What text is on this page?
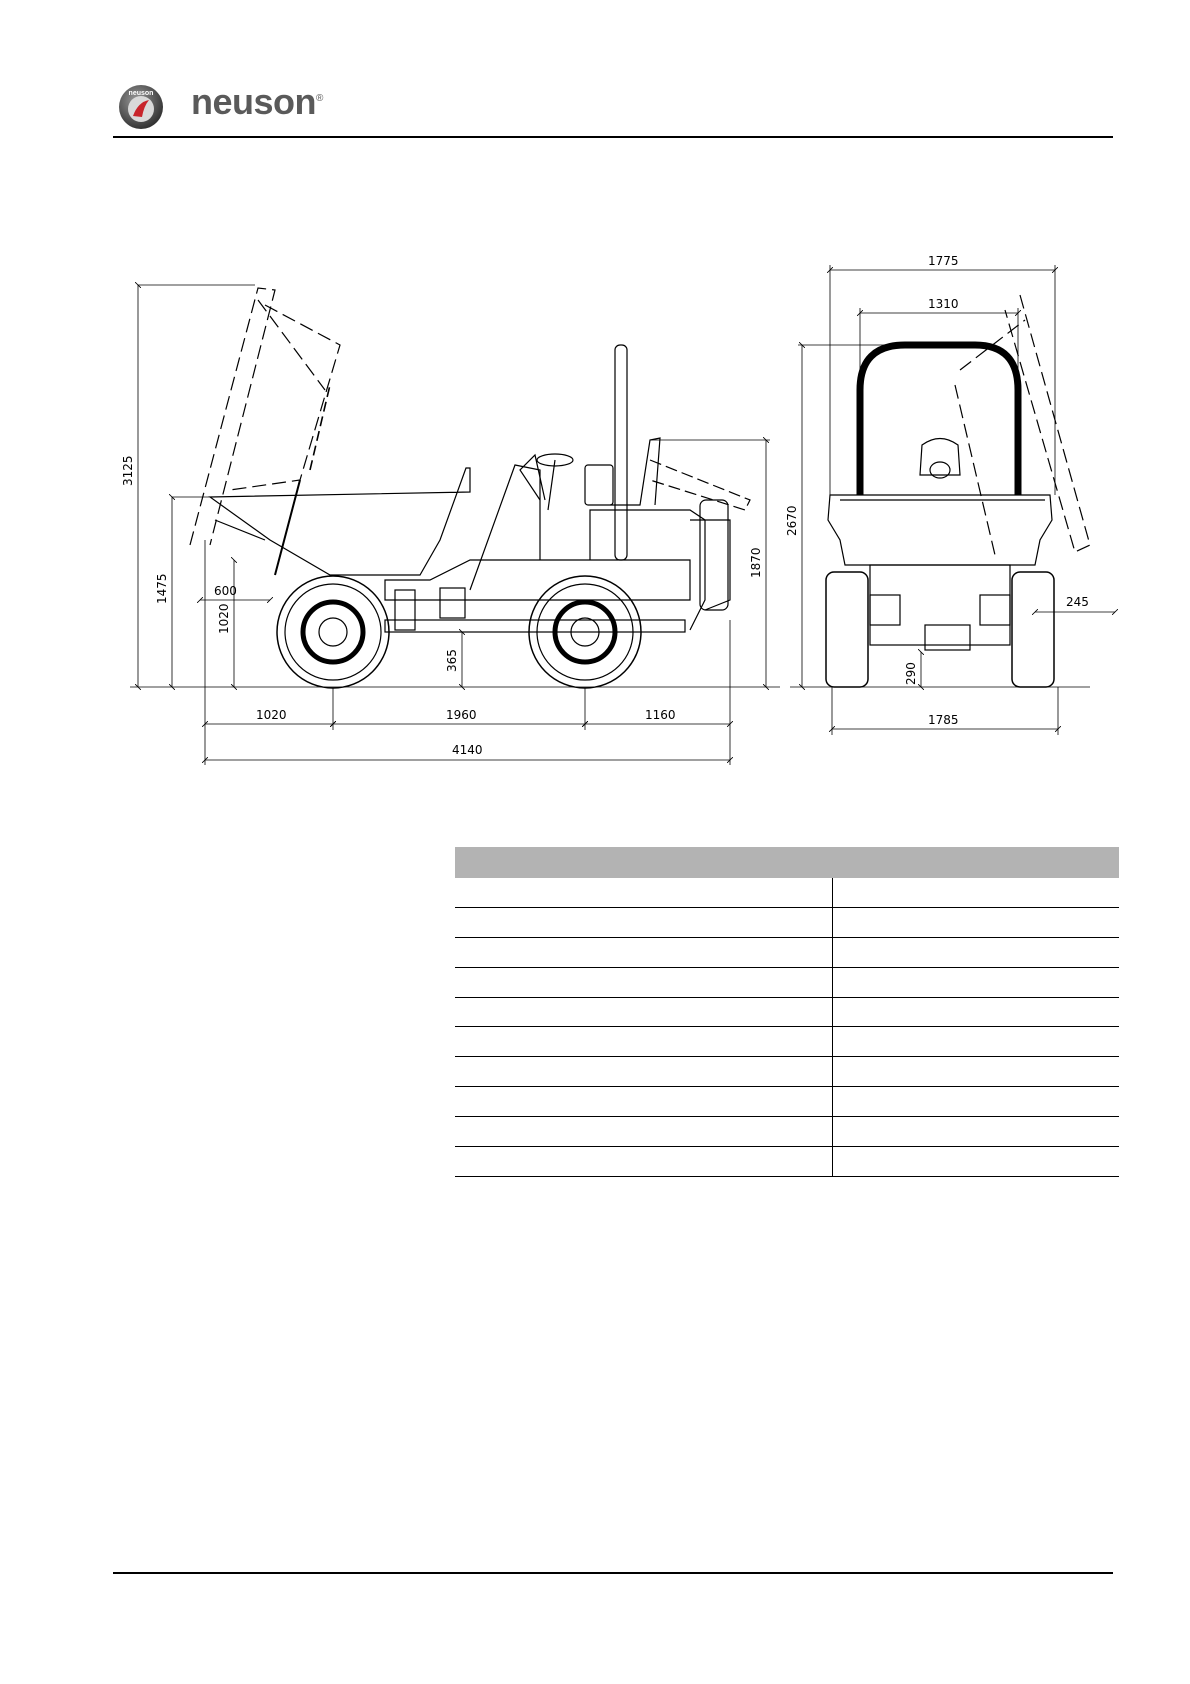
neuson neuson®
3125
1475
1020
600
365
1870
1020	1960	1160
4140
1775
1310
2670
1785
245
290
